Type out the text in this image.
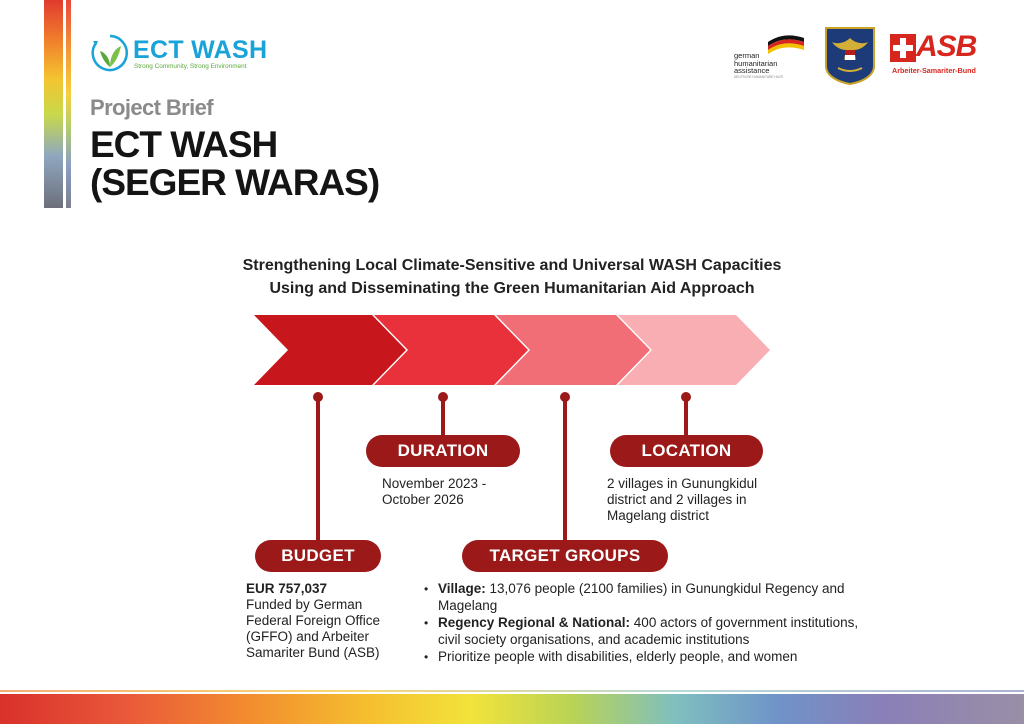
ECT WASH
Strong Community, Strong Environment
german
humanitarian
assistance
DEUTSCHE HUMANITÄRE HILFE
ASB
Arbeiter-Samariter-Bund
Project Brief
ECT WASH
(SEGER WARAS)
Strengthening Local Climate-Sensitive and Universal WASH Capacities
Using and Disseminating the Green Humanitarian Aid Approach
DURATION	LOCATION
BUDGET	TARGET GROUPS
November 2023 -
October 2026
2 villages in Gunungkidul
district and 2 villages in
Magelang district
EUR 757,037
Funded by German
Federal Foreign Office
(GFFO) and Arbeiter
Samariter Bund (ASB)
• Village: 13,076 people (2100 families) in Gunungkidul Regency and Magelang
• Regency Regional & National: 400 actors of government institutions, civil society organisations, and academic institutions
• Prioritize people with disabilities, elderly people, and women
